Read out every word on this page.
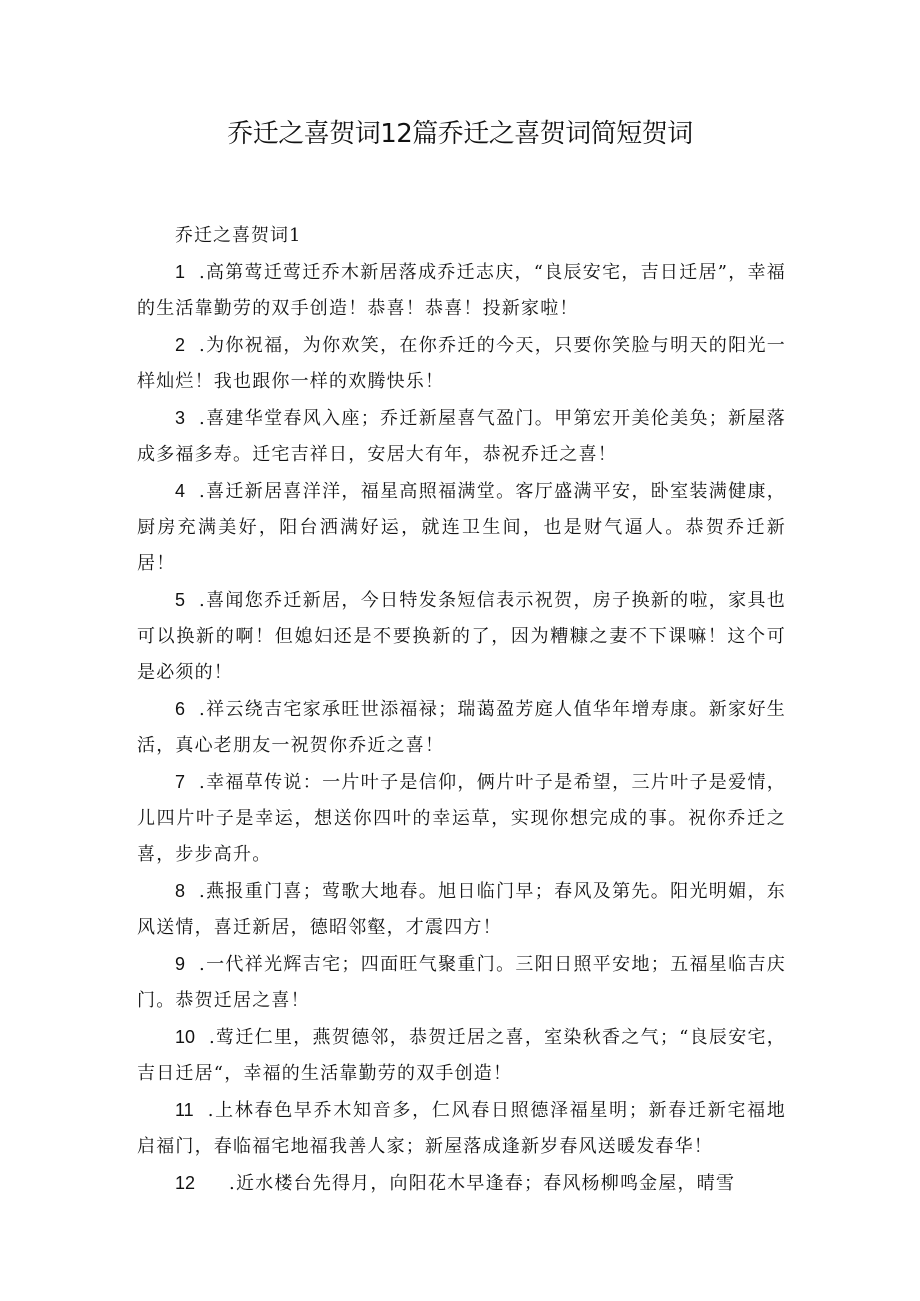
乔迁之喜贺词12篇乔迁之喜贺词简短贺词

乔迁之喜贺词1

1 .高第莺迁莺迁乔木新居落成乔迁志庆，“良辰安宅，吉日迁居”，幸福的生活靠勤劳的双手创造！恭喜！恭喜！投新家啦！

2 .为你祝福，为你欢笑，在你乔迁的今天，只要你笑脸与明天的阳光一样灿烂！我也跟你一样的欢腾快乐！

3 .喜建华堂春风入座；乔迁新屋喜气盈门。甲第宏开美伦美奂；新屋落成多福多寿。迁宅吉祥日，安居大有年，恭祝乔迁之喜！

4 .喜迁新居喜洋洋，福星高照福满堂。客厅盛满平安，卧室装满健康，厨房充满美好，阳台洒满好运，就连卫生间，也是财气逼人。恭贺乔迁新居！

5 .喜闻您乔迁新居，今日特发条短信表示祝贺，房子换新的啦，家具也可以换新的啊！但媳妇还是不要换新的了，因为糟糠之妻不下课嘛！这个可是必须的！

6 .祥云绕吉宅家承旺世添福禄；瑞蔼盈芳庭人值华年增寿康。新家好生活，真心老朋友一祝贺你乔近之喜！

7 .幸福草传说：一片叶子是信仰，俩片叶子是希望，三片叶子是爱情，儿四片叶子是幸运，想送你四叶的幸运草，实现你想完成的事。祝你乔迁之喜，步步高升。

8 .燕报重门喜；莺歌大地春。旭日临门早；春风及第先。阳光明媚，东风送情，喜迁新居，德昭邻壑，才震四方！

9 .一代祥光辉吉宅；四面旺气聚重门。三阳日照平安地；五福星临吉庆门。恭贺迁居之喜！

10 .莺迁仁里，燕贺德邻，恭贺迁居之喜，室染秋香之气；“良辰安宅，吉日迁居“，幸福的生活靠勤劳的双手创造！

11 .上林春色早乔木知音多，仁风春日照德泽福星明；新春迁新宅福地启福门，春临福宅地福我善人家；新屋落成逢新岁春风送暖发春华！

12 .近水楼台先得月，向阳花木早逢春；春风杨柳鸣金屋，晴雪
